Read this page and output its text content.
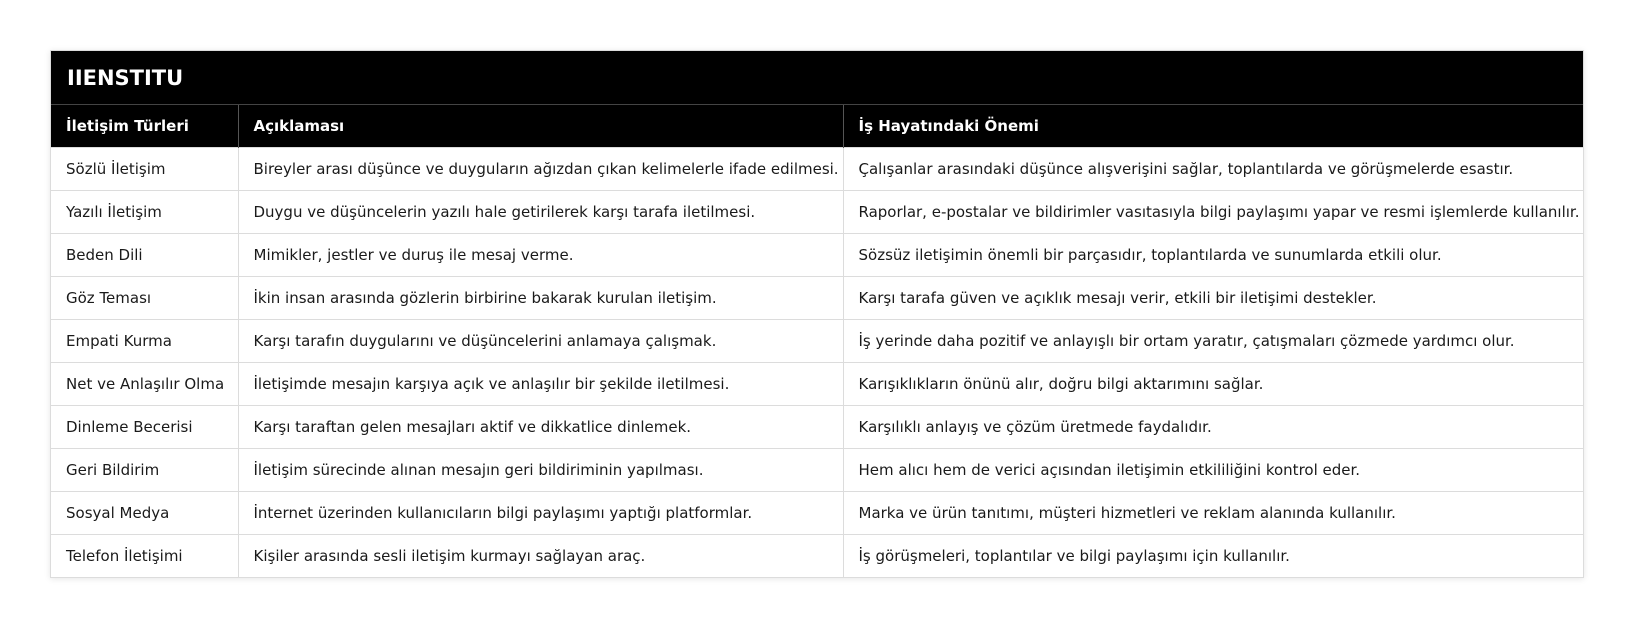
IIENSTITU		
İletişim Türleri	Açıklaması	İş Hayatındaki Önemi
Sözlü İletişim	Bireyler arası düşünce ve duyguların ağızdan çıkan kelimelerle ifade edilmesi.	Çalışanlar arasındaki düşünce alışverişini sağlar, toplantılarda ve görüşmelerde esastır.
Yazılı İletişim	Duygu ve düşüncelerin yazılı hale getirilerek karşı tarafa iletilmesi.	Raporlar, e-postalar ve bildirimler vasıtasıyla bilgi paylaşımı yapar ve resmi işlemlerde kullanılır.
Beden Dili	Mimikler, jestler ve duruş ile mesaj verme.	Sözsüz iletişimin önemli bir parçasıdır, toplantılarda ve sunumlarda etkili olur.
Göz Teması	İkin insan arasında gözlerin birbirine bakarak kurulan iletişim.	Karşı tarafa güven ve açıklık mesajı verir, etkili bir iletişimi destekler.
Empati Kurma	Karşı tarafın duygularını ve düşüncelerini anlamaya çalışmak.	İş yerinde daha pozitif ve anlayışlı bir ortam yaratır, çatışmaları çözmede yardımcı olur.
Net ve Anlaşılır Olma	İletişimde mesajın karşıya açık ve anlaşılır bir şekilde iletilmesi.	Karışıklıkların önünü alır, doğru bilgi aktarımını sağlar.
Dinleme Becerisi	Karşı taraftan gelen mesajları aktif ve dikkatlice dinlemek.	Karşılıklı anlayış ve çözüm üretmede faydalıdır.
Geri Bildirim	İletişim sürecinde alınan mesajın geri bildiriminin yapılması.	Hem alıcı hem de verici açısından iletişimin etkililiğini kontrol eder.
Sosyal Medya	İnternet üzerinden kullanıcıların bilgi paylaşımı yaptığı platformlar.	Marka ve ürün tanıtımı, müşteri hizmetleri ve reklam alanında kullanılır.
Telefon İletişimi	Kişiler arasında sesli iletişim kurmayı sağlayan araç.	İş görüşmeleri, toplantılar ve bilgi paylaşımı için kullanılır.
